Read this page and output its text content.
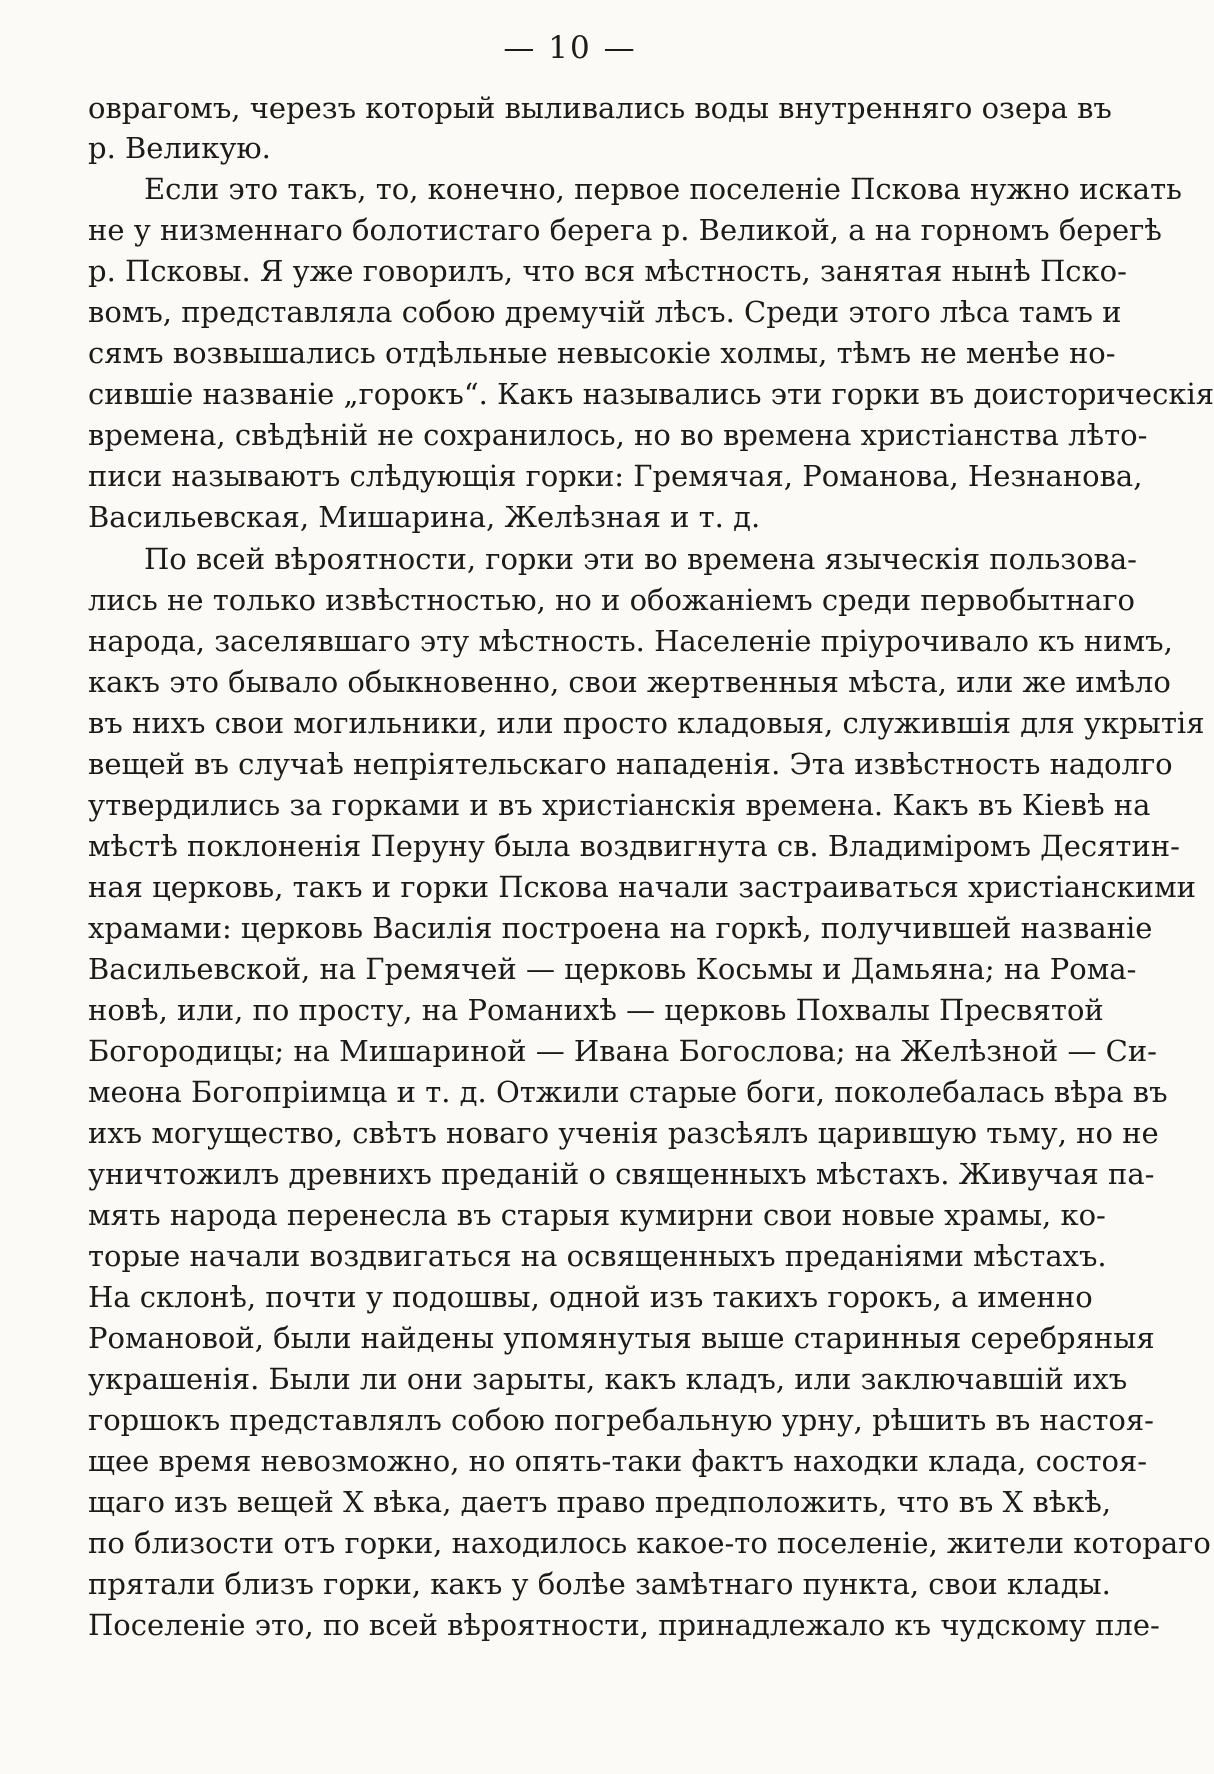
— 10 —
оврагомъ, черезъ который выливались воды внутренняго озера въ
р. Великую.
Если это такъ, то, конечно, первое поселеніе Пскова нужно искать
не у низменнаго болотистаго берега р. Великой, а на горномъ берегѣ
р. Псковы. Я уже говорилъ, что вся мѣстность, занятая нынѣ Пско-
вомъ, представляла собою дремучій лѣсъ. Среди этого лѣса тамъ и
сямъ возвышались отдѣльные невысокіе холмы, тѣмъ не менѣе но-
сившіе названіе „горокъ“. Какъ назывались эти горки въ доисторическія
времена, свѣдѣній не сохранилось, но во времена христіанства лѣто-
писи называютъ слѣдующія горки: Гремячая, Романова, Незнанова,
Васильевская, Мишарина, Желѣзная и т. д.
По всей вѣроятности, горки эти во времена языческія пользова-
лись не только извѣстностью, но и обожаніемъ среди первобытнаго
народа, заселявшаго эту мѣстность. Населеніе пріурочивало къ нимъ,
какъ это бывало обыкновенно, свои жертвенныя мѣста, или же имѣло
въ нихъ свои могильники, или просто кладовыя, служившія для укрытія
вещей въ случаѣ непріятельскаго нападенія. Эта извѣстность надолго
утвердились за горками и въ христіанскія времена. Какъ въ Кіевѣ на
мѣстѣ поклоненія Перуну была воздвигнута св. Владиміромъ Десятин-
ная церковь, такъ и горки Пскова начали застраиваться христіанскими
храмами: церковь Василія построена на горкѣ, получившей названіе
Васильевской, на Гремячей — церковь Косьмы и Дамьяна; на Рома-
новѣ, или, по просту, на Романихѣ — церковь Похвалы Пресвятой
Богородицы; на Мишариной — Ивана Богослова; на Желѣзной — Си-
меона Богопріимца и т. д. Отжили старые боги, поколебалась вѣра въ
ихъ могущество, свѣтъ новаго ученія разсѣялъ царившую тьму, но не
уничтожилъ древнихъ преданій о священныхъ мѣстахъ. Живучая па-
мять народа перенесла въ старыя кумирни свои новые храмы, ко-
торые начали воздвигаться на освященныхъ преданіями мѣстахъ.
На склонѣ, почти у подошвы, одной изъ такихъ горокъ, а именно
Романовой, были найдены упомянутыя выше старинныя серебряныя
украшенія. Были ли они зарыты, какъ кладъ, или заключавшій ихъ
горшокъ представлялъ собою погребальную урну, рѣшить въ настоя-
щее время невозможно, но опять-таки фактъ находки клада, состоя-
щаго изъ вещей X вѣка, даетъ право предположить, что въ X вѣкѣ,
по близости отъ горки, находилось какое-то поселеніе, жители котораго
прятали близъ горки, какъ у болѣе замѣтнаго пункта, свои клады.
Поселеніе это, по всей вѣроятности, принадлежало къ чудскому пле-
